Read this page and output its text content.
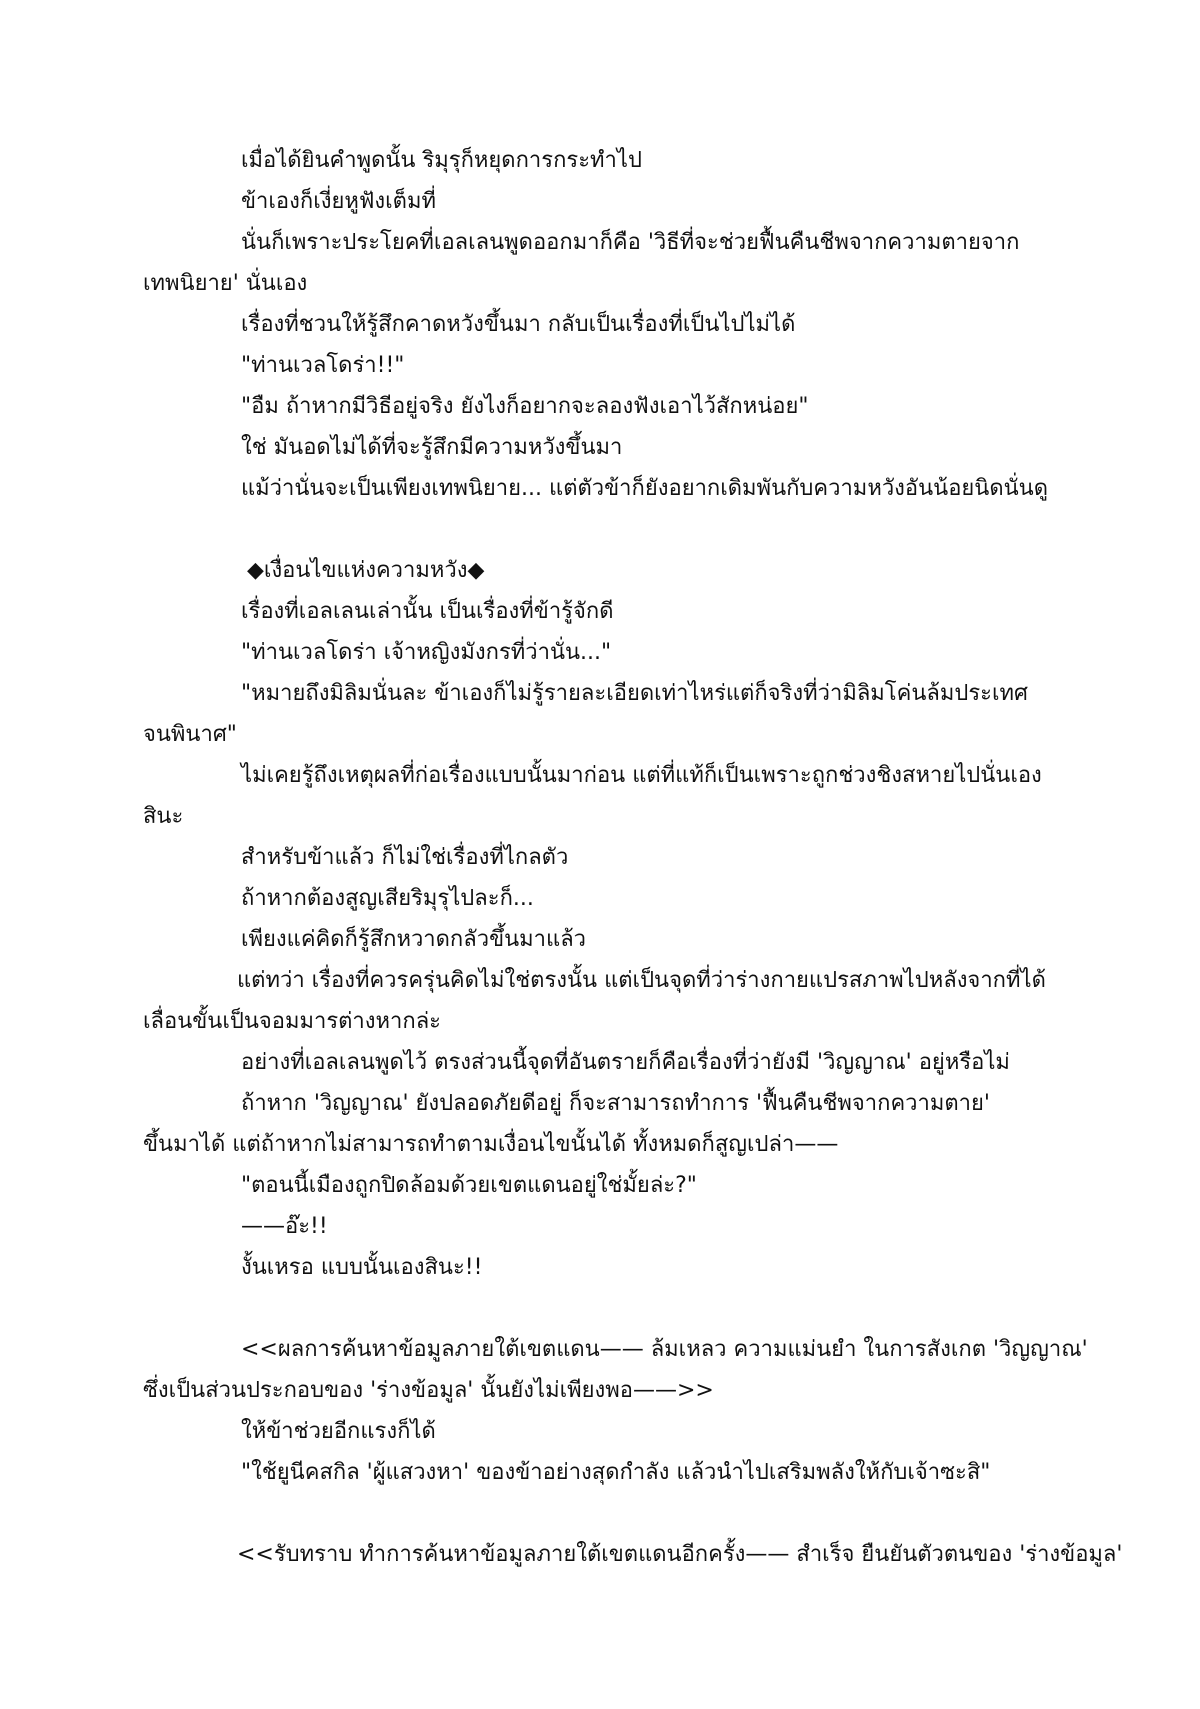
เมื่อได้ยินคำพูดนั้น ริมุรุก็หยุดการกระทำไป
ข้าเองก็เงี่ยหูฟังเต็มที่
นั่นก็เพราะประโยคที่เอลเลนพูดออกมาก็คือ 'วิธีที่จะช่วยฟื้นคืนชีพจากความตายจาก
เทพนิยาย' นั่นเอง
เรื่องที่ชวนให้รู้สึกคาดหวังขึ้นมา กลับเป็นเรื่องที่เป็นไปไม่ได้
"ท่านเวลโดร่า!!"
"อืม ถ้าหากมีวิธีอยู่จริง ยังไงก็อยากจะลองฟังเอาไว้สักหน่อย"
ใช่ มันอดไม่ได้ที่จะรู้สึกมีความหวังขึ้นมา
แม้ว่านั่นจะเป็นเพียงเทพนิยาย... แต่ตัวข้าก็ยังอยากเดิมพันกับความหวังอันน้อยนิดนั่นดู
◆เงื่อนไขแห่งความหวัง◆
เรื่องที่เอลเลนเล่านั้น เป็นเรื่องที่ข้ารู้จักดี
"ท่านเวลโดร่า เจ้าหญิงมังกรที่ว่านั่น..."
"หมายถึงมิลิมนั่นละ ข้าเองก็ไม่รู้รายละเอียดเท่าไหร่แต่ก็จริงที่ว่ามิลิมโค่นล้มประเทศ
จนพินาศ"
ไม่เคยรู้ถึงเหตุผลที่ก่อเรื่องแบบนั้นมาก่อน แต่ที่แท้ก็เป็นเพราะถูกช่วงชิงสหายไปนั่นเอง
สินะ
สำหรับข้าแล้ว ก็ไม่ใช่เรื่องที่ไกลตัว
ถ้าหากต้องสูญเสียริมุรุไปละก็...
เพียงแค่คิดก็รู้สึกหวาดกลัวขึ้นมาแล้ว
แต่ทว่า เรื่องที่ควรครุ่นคิดไม่ใช่ตรงนั้น แต่เป็นจุดที่ว่าร่างกายแปรสภาพไปหลังจากที่ได้
เลื่อนขั้นเป็นจอมมารต่างหากล่ะ
อย่างที่เอลเลนพูดไว้ ตรงส่วนนี้จุดที่อันตรายก็คือเรื่องที่ว่ายังมี 'วิญญาณ' อยู่หรือไม่
ถ้าหาก 'วิญญาณ' ยังปลอดภัยดีอยู่ ก็จะสามารถทำการ 'ฟื้นคืนชีพจากความตาย'
ขึ้นมาได้ แต่ถ้าหากไม่สามารถทำตามเงื่อนไขนั้นได้ ทั้งหมดก็สูญเปล่า——
"ตอนนี้เมืองถูกปิดล้อมด้วยเขตแดนอยู่ใช่มั้ยล่ะ?"
——อ๊ะ!!
งั้นเหรอ แบบนั้นเองสินะ!!
<<ผลการค้นหาข้อมูลภายใต้เขตแดน—— ล้มเหลว ความแม่นยำ ในการสังเกต 'วิญญาณ'
ซึ่งเป็นส่วนประกอบของ 'ร่างข้อมูล' นั้นยังไม่เพียงพอ——>>
ให้ข้าช่วยอีกแรงก็ได้
"ใช้ยูนีคสกิล 'ผู้แสวงหา' ของข้าอย่างสุดกำลัง แล้วนำไปเสริมพลังให้กับเจ้าซะสิ"
<<รับทราบ ทำการค้นหาข้อมูลภายใต้เขตแดนอีกครั้ง—— สำเร็จ ยืนยันตัวตนของ 'ร่างข้อมูล'
